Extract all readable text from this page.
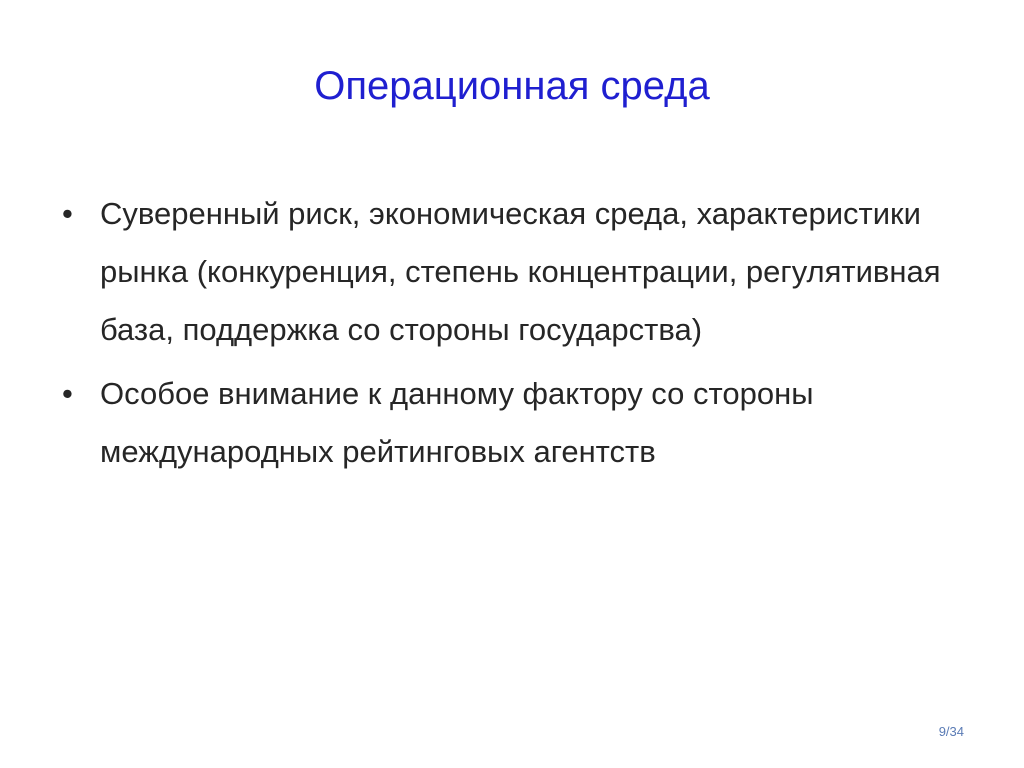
Операционная среда
• Суверенный риск, экономическая среда, характеристики рынка (конкуренция, степень концентрации, регулятивная база, поддержка со стороны государства)
• Особое внимание к данному фактору со стороны международных рейтинговых агентств
9/34
